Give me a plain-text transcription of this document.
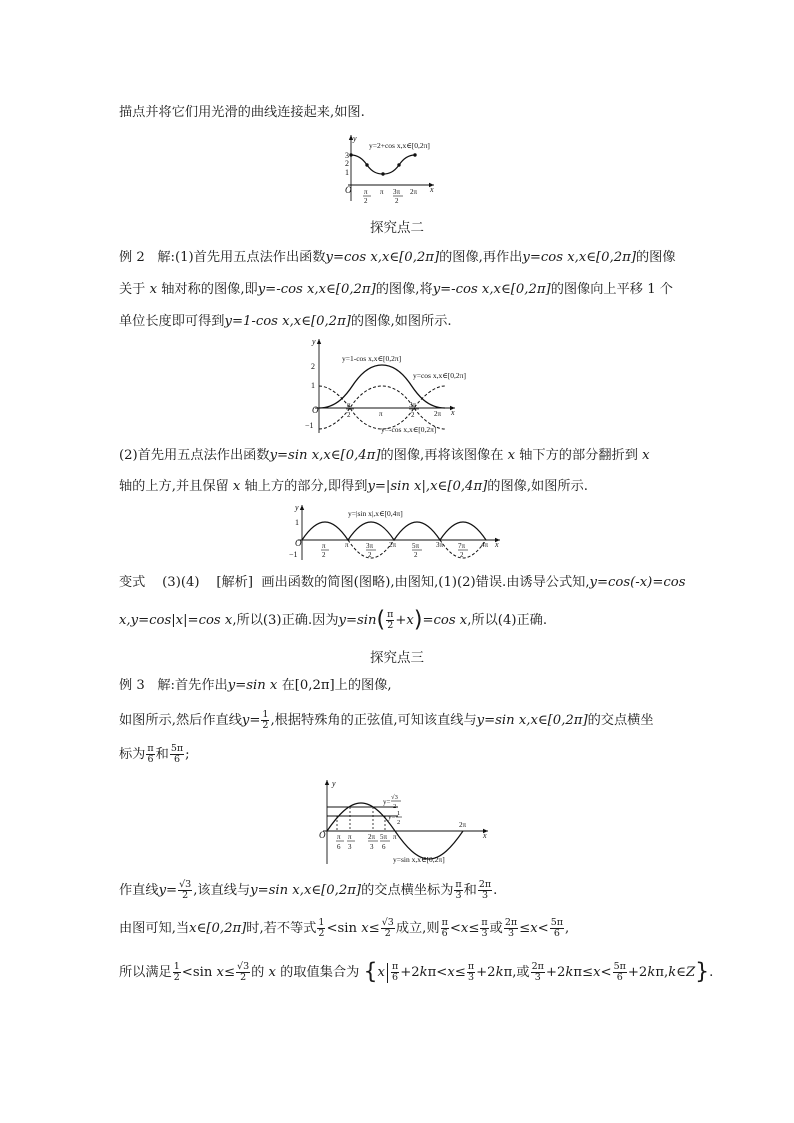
描点并将它们用光滑的曲线连接起来,如图.
y
x
O
3
2
1
π
2
π 3π
2
2π
y=2+cos x,x∈[0,2π]
探究点二
例 2 解:(1)首先用五点法作出函数y=cos x,x∈[0,2π]的图像,再作出y=cos x,x∈[0,2π]的图像
关于 x 轴对称的图像,即y=-cos x,x∈[0,2π]的图像,将y=-cos x,x∈[0,2π]的图像向上平移 1 个
单位长度即可得到y=1-cos x,x∈[0,2π]的图像,如图所示.
y
x
O
2
1
−1
π
2	π
3π
2	2π
y=1-cos x,x∈[0,2π]
y=cos x,x∈[0,2π]
y=-cos x,x∈[0,2π]
(2)首先用五点法作出函数y=sin x,x∈[0,4π]的图像,再将该图像在 x 轴下方的部分翻折到 x
轴的上方,并且保留 x 轴上方的部分,即得到y=|sin x|,x∈[0,4π]的图像,如图所示.
y
x
O
1
−1
π
2
π 3π
2
2π 5π
2
3π 7π
2
4π
y=|sin x|,x∈[0,4π]
变式 (3)(4) [解析] 画出函数的简图(图略),由图知,(1)(2)错误.由诱导公式知,y=cos(-x)=cos
x,y=cos|x|=cos x,所以(3)正确.因为$y=\sin( \frac{\pi}{2} +x)=\cos$ x,所以(4)正确.
探究点三
例 3 解:首先作出y=sin x 在[0,2π]上的图像,
如图所示,然后作直线$y= \frac{1}{2}$ ,根据特殊角的正弦值,可知该直线与y=sin x,x∈[0,2π]的交点横坐
标为 $\frac{\pi}{6}$ 和 $\frac{5\pi}{6}$ ;
y
x
O π
6
π
3
2π
3
5π
6
π
2π
y=
√3
2
y= 1
2
y=sin x,x∈[0,2π]
作直线$y= \frac{√3}{2}$ ,该直线与y=sin x,x∈[0,2π]的交点横坐标为 $\frac{\pi}{3}$ 和 $\frac{2\pi}{3}$ .
由图可知,当x∈[0,2π]时,若不等式 $\frac{1}{2} <\sin$ $x\le \frac{√3}{2}$ 成立,则 $\frac{\pi}{6} <x\le \frac{\pi}{3}$ 或 $\frac{2\pi}{3} \le x< \frac{5\pi}{6}$ ,
所以满足 $\frac{1}{2} <\sin$ $x\le \frac{√3}{2}$ 的 x 的取值集合为 {$x \frac{\pi}{6} +2k\pi<x\le \frac{\pi}{3} +2k\pi$,或 $\frac{2\pi}{3} +2k\pi\le x< \frac{5\pi}{6}$ +2kπ,k∈Z}.
